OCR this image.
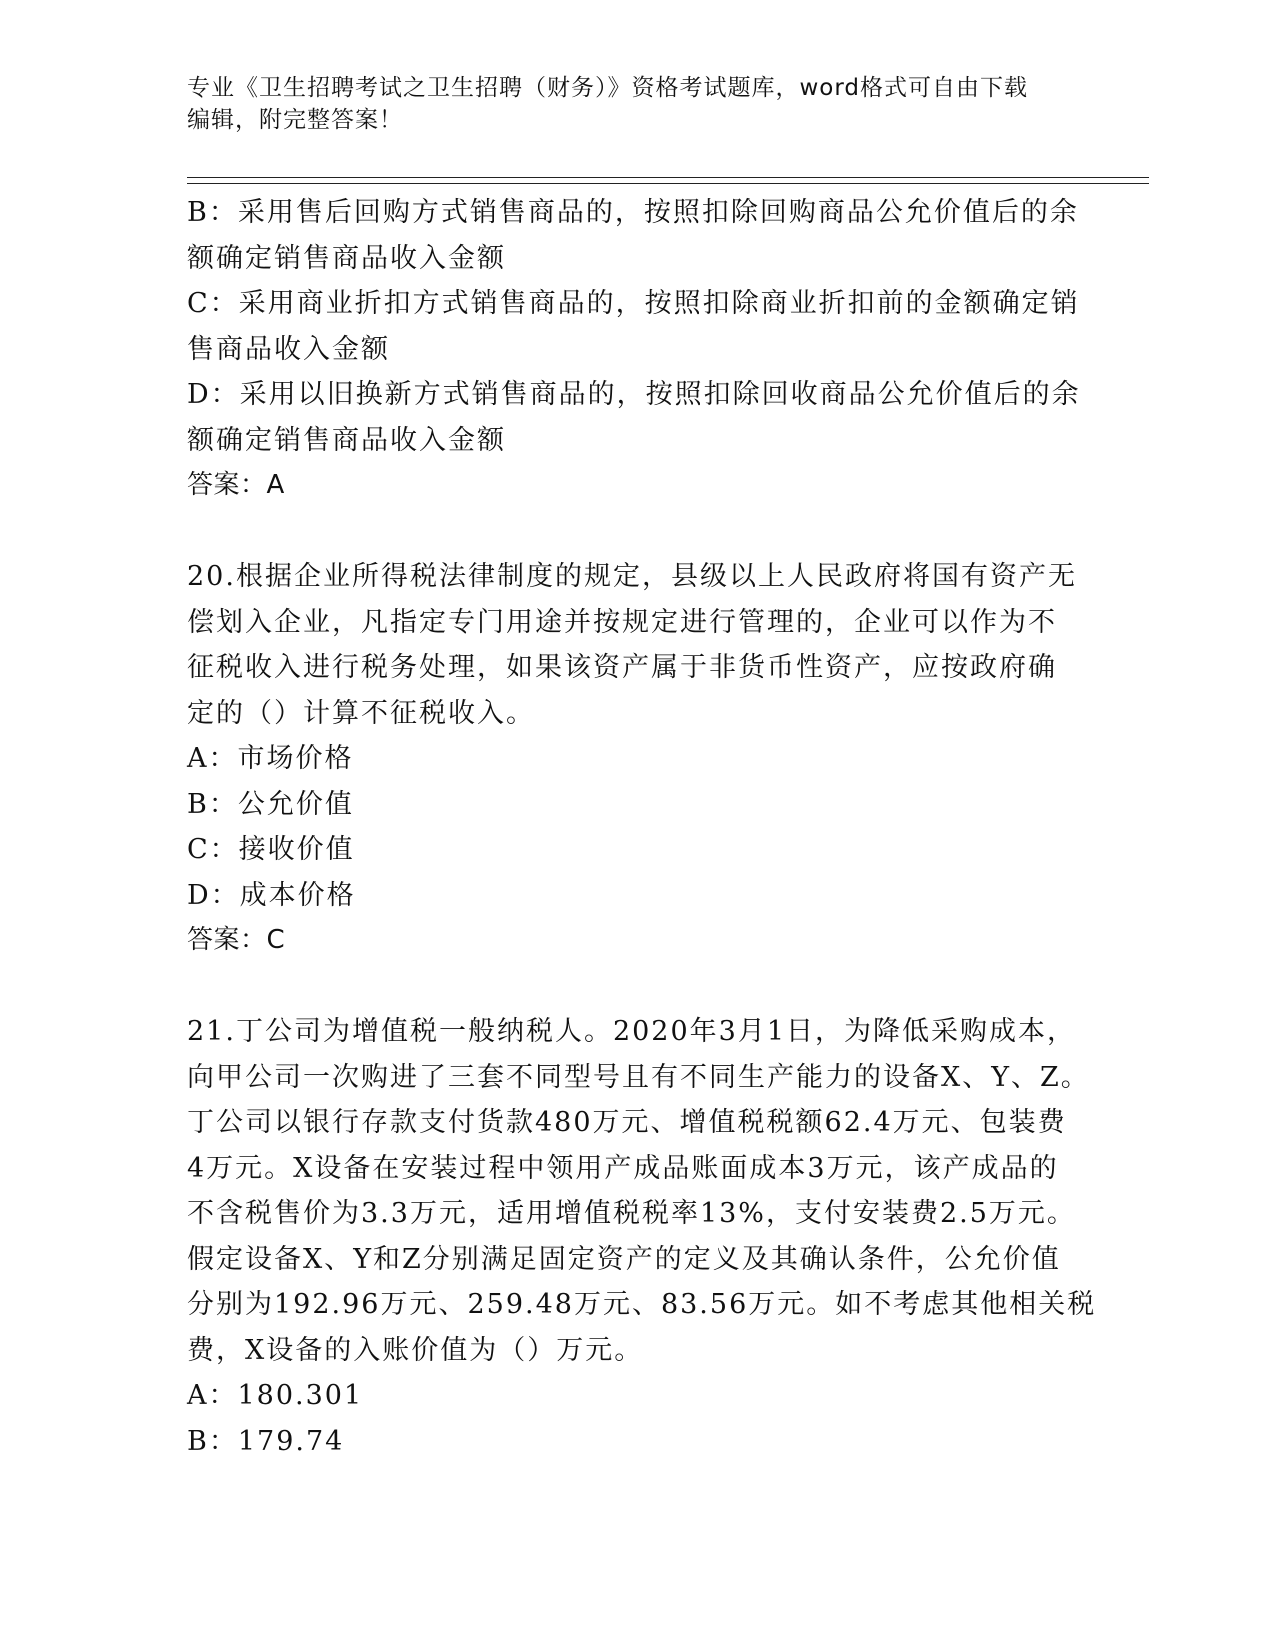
专业《卫生招聘考试之卫生招聘（财务）》资格考试题库，word格式可自由下载
编辑，附完整答案！
B：采用售后回购方式销售商品的，按照扣除回购商品公允价值后的余
额确定销售商品收入金额
C：采用商业折扣方式销售商品的，按照扣除商业折扣前的金额确定销
售商品收入金额
D：采用以旧换新方式销售商品的，按照扣除回收商品公允价值后的余
额确定销售商品收入金额
答案：A
20.根据企业所得税法律制度的规定，县级以上人民政府将国有资产无
偿划入企业，凡指定专门用途并按规定进行管理的，企业可以作为不
征税收入进行税务处理，如果该资产属于非货币性资产，应按政府确
定的（）计算不征税收入。
A：市场价格
B：公允价值
C：接收价值
D：成本价格
答案：C
21.丁公司为增值税一般纳税人。2020年3月1日，为降低采购成本，
向甲公司一次购进了三套不同型号且有不同生产能力的设备X、Y、Z。
丁公司以银行存款支付货款480万元、增值税税额62.4万元、包装费
4万元。X设备在安装过程中领用产成品账面成本3万元，该产成品的
不含税售价为3.3万元，适用增值税税率13%，支付安装费2.5万元。
假定设备X、Y和Z分别满足固定资产的定义及其确认条件，公允价值
分别为192.96万元、259.48万元、83.56万元。如不考虑其他相关税
费，X设备的入账价值为（）万元。
A：180.301
B：179.74
